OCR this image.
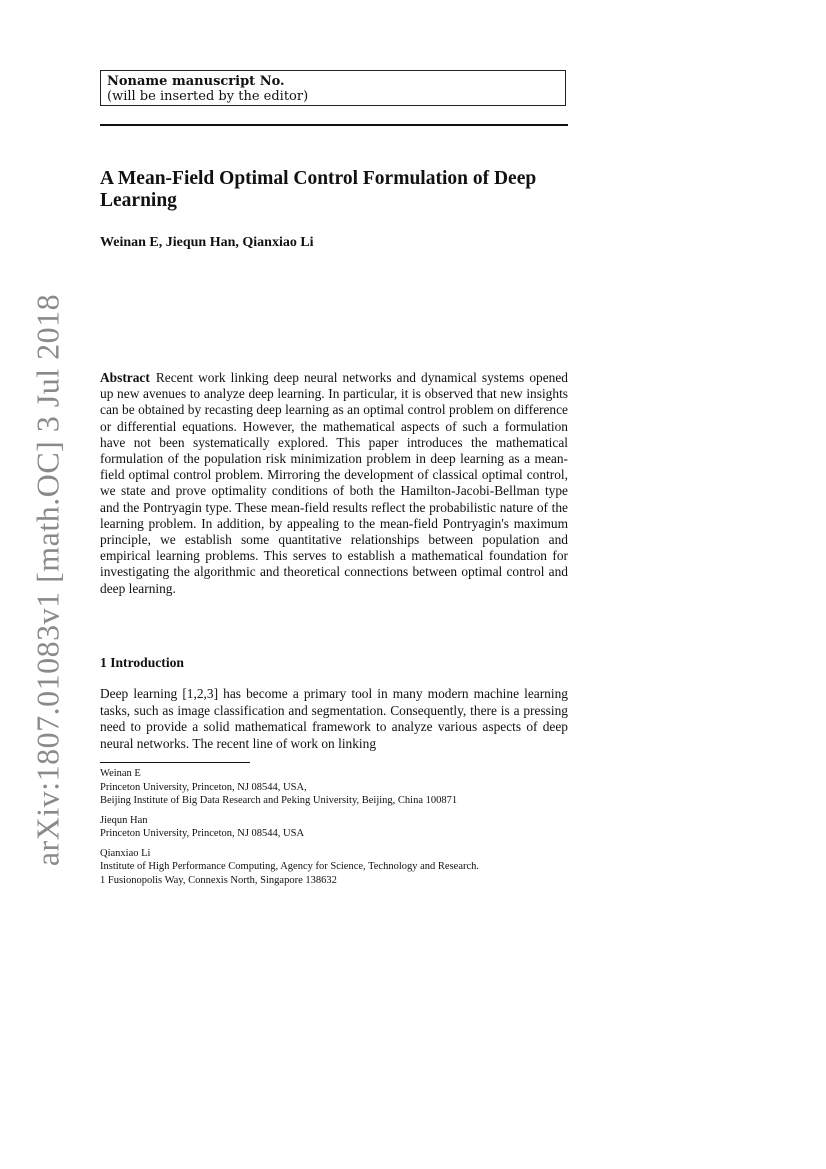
arXiv:1807.01083v1 [math.OC] 3 Jul 2018
Noname manuscript No.
(will be inserted by the editor)
A Mean-Field Optimal Control Formulation of Deep Learning
Weinan E, Jiequn Han, Qianxiao Li

Abstract Recent work linking deep neural networks and dynamical systems opened up new avenues to analyze deep learning. In particular, it is observed that new insights can be obtained by recasting deep learning as an optimal control problem on difference or differential equations. However, the mathematical aspects of such a formulation have not been systematically explored. This paper introduces the mathematical formulation of the population risk minimization problem in deep learning as a mean-field optimal control problem. Mirroring the development of classical optimal control, we state and prove optimality conditions of both the Hamilton-Jacobi-Bellman type and the Pontryagin type. These mean-field results reflect the probabilistic nature of the learning problem. In addition, by appealing to the mean-field Pontryagin's maximum principle, we establish some quantitative relationships between population and empirical learning problems. This serves to establish a mathematical foundation for investigating the algorithmic and theoretical connections between optimal control and deep learning.

1 Introduction

Deep learning [1,2,3] has become a primary tool in many modern machine learning tasks, such as image classification and segmentation. Consequently, there is a pressing need to provide a solid mathematical framework to analyze various aspects of deep neural networks. The recent line of work on linking

Weinan E
Princeton University, Princeton, NJ 08544, USA,
Beijing Institute of Big Data Research and Peking University, Beijing, China 100871
Jiequn Han
Princeton University, Princeton, NJ 08544, USA
Qianxiao Li
Institute of High Performance Computing, Agency for Science, Technology and Research.
1 Fusionopolis Way, Connexis North, Singapore 138632
